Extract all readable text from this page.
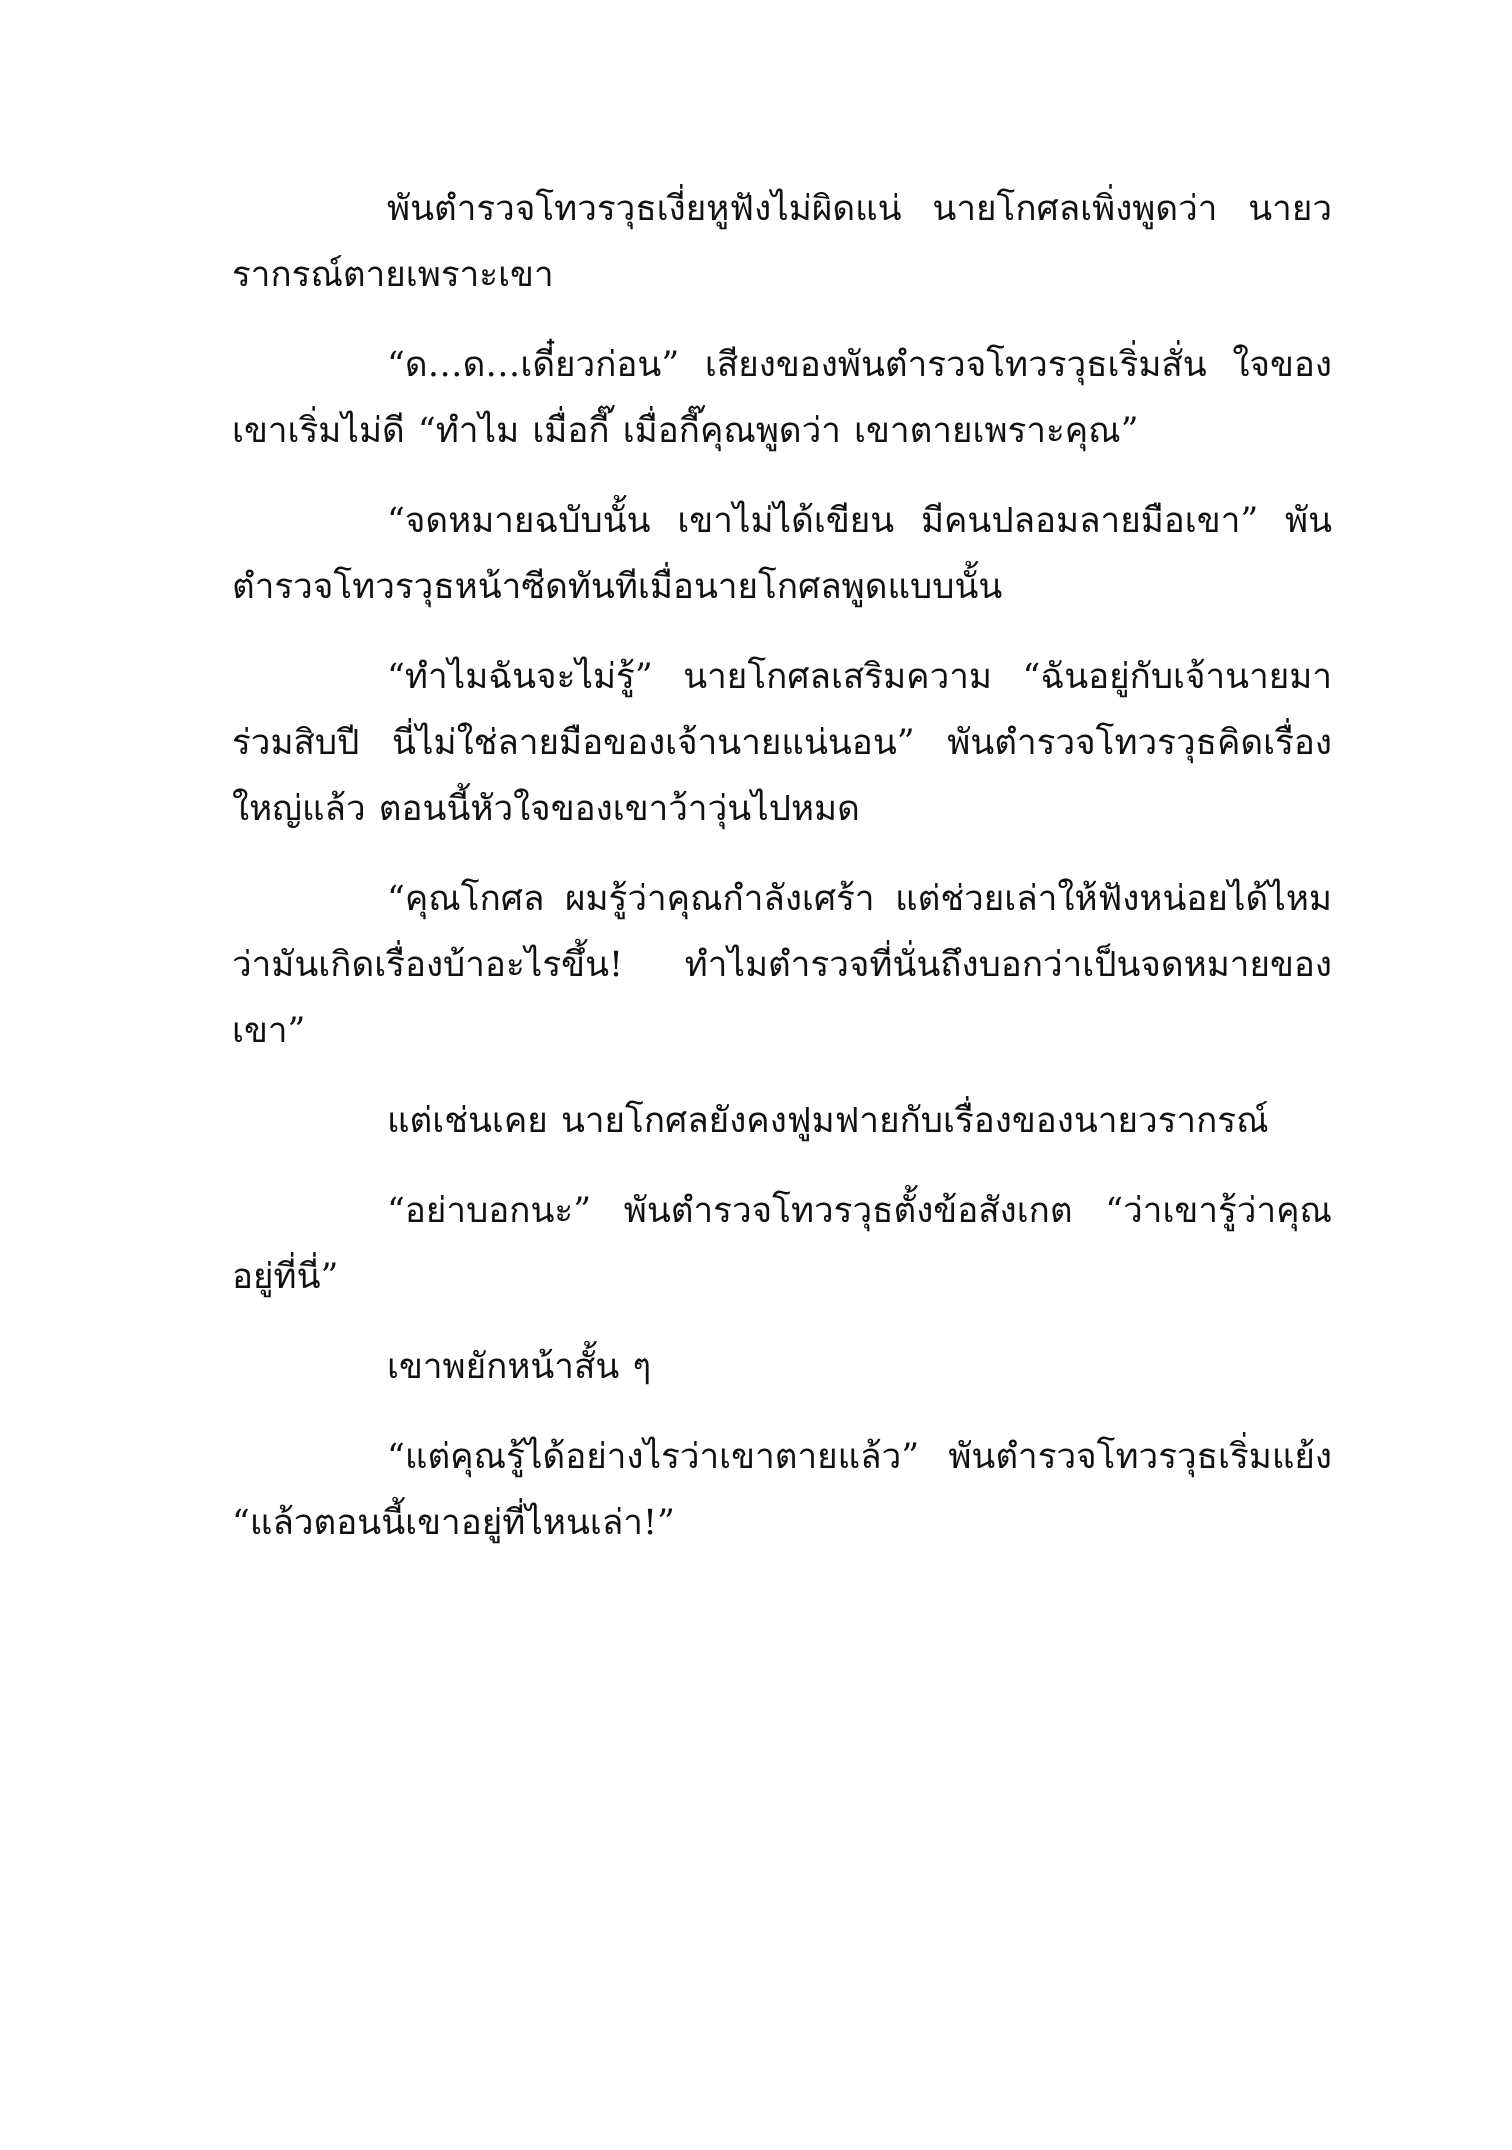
พันตำรวจโทวรวุธเงี่ยหูฟังไม่ผิดแน่ นายโกศลเพิ่งพูดว่า นายวรากรณ์ตายเพราะเขา

“ด…ด…เดี๋ยวก่อน” เสียงของพันตำรวจโทวรวุธเริ่มสั่น ใจของเขาเริ่มไม่ดี “ทำไม เมื่อกี๊ เมื่อกี๊คุณพูดว่า เขาตายเพราะคุณ”

“จดหมายฉบับนั้น เขาไม่ได้เขียน มีคนปลอมลายมือเขา” พันตำรวจโทวรวุธหน้าซีดทันทีเมื่อนายโกศลพูดแบบนั้น

“ทำไมฉันจะไม่รู้” นายโกศลเสริมความ “ฉันอยู่กับเจ้านายมาร่วมสิบปี นี่ไม่ใช่ลายมือของเจ้านายแน่นอน” พันตำรวจโทวรวุธคิดเรื่องใหญ่แล้ว ตอนนี้หัวใจของเขาว้าวุ่นไปหมด

“คุณโกศล ผมรู้ว่าคุณกำลังเศร้า แต่ช่วยเล่าให้ฟังหน่อยได้ไหมว่ามันเกิดเรื่องบ้าอะไรขึ้น! ทำไมตำรวจที่นั่นถึงบอกว่าเป็นจดหมายของเขา”

แต่เช่นเคย นายโกศลยังคงฟูมฟายกับเรื่องของนายวรากรณ์

“อย่าบอกนะ” พันตำรวจโทวรวุธตั้งข้อสังเกต “ว่าเขารู้ว่าคุณอยู่ที่นี่”

เขาพยักหน้าสั้น ๆ

“แต่คุณรู้ได้อย่างไรว่าเขาตายแล้ว” พันตำรวจโทวรวุธเริ่มแย้ง “แล้วตอนนี้เขาอยู่ที่ไหนเล่า!”
